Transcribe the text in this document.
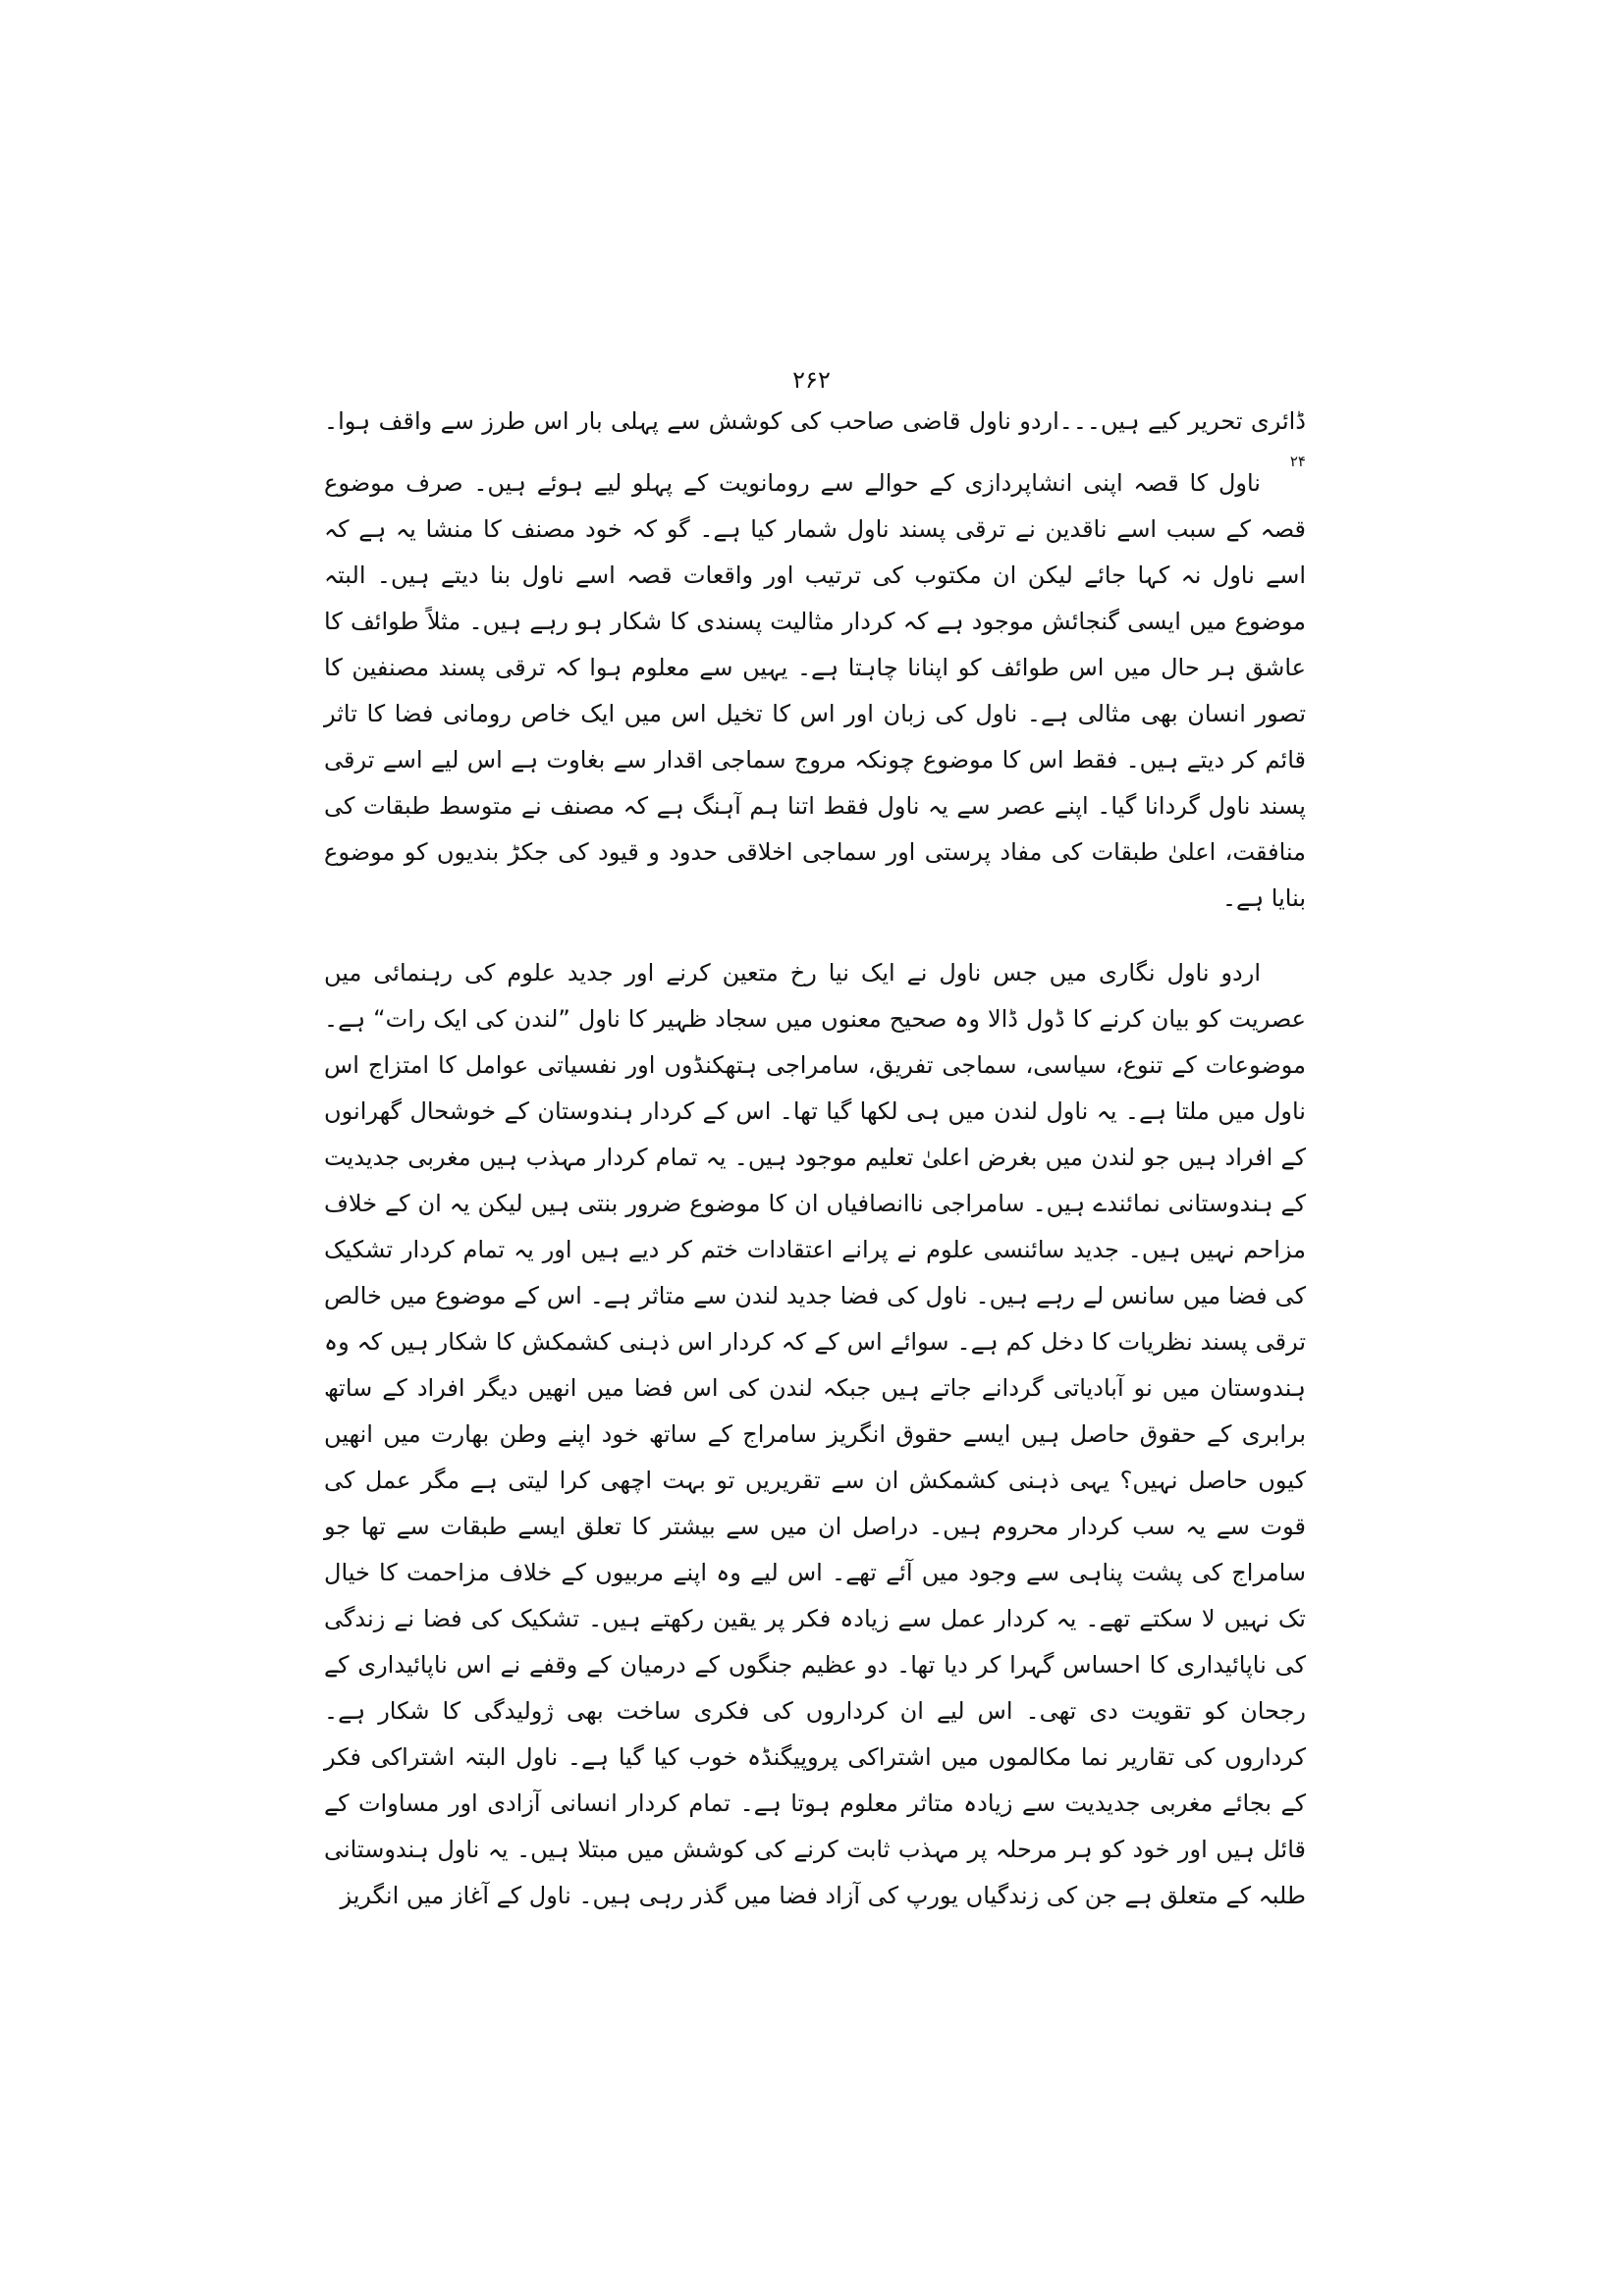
۲۶۲

ڈائری تحریر کیے ہیں۔۔۔اردو ناول قاضی صاحب کی کوشش سے پہلی بار اس طرز سے واقف ہوا۔$^{۲۴}$

ناول کا قصہ اپنی انشاپردازی کے حوالے سے رومانویت کے پہلو لیے ہوئے ہیں۔ صرف موضوع قصہ کے سبب اسے ناقدین نے ترقی پسند ناول شمار کیا ہے۔ گو کہ خود مصنف کا منشا یہ ہے کہ اسے ناول نہ کہا جائے لیکن ان مکتوب کی ترتیب اور واقعات قصہ اسے ناول بنا دیتے ہیں۔ البتہ موضوع میں ایسی گنجائش موجود ہے کہ کردار مثالیت پسندی کا شکار ہو رہے ہیں۔ مثلاً طوائف کا عاشق ہر حال میں اس طوائف کو اپنانا چاہتا ہے۔ یہیں سے معلوم ہوا کہ ترقی پسند مصنفین کا تصور انسان بھی مثالی ہے۔ ناول کی زبان اور اس کا تخیل اس میں ایک خاص رومانی فضا کا تاثر قائم کر دیتے ہیں۔ فقط اس کا موضوع چونکہ مروج سماجی اقدار سے بغاوت ہے اس لیے اسے ترقی پسند ناول گردانا گیا۔ اپنے عصر سے یہ ناول فقط اتنا ہم آہنگ ہے کہ مصنف نے متوسط طبقات کی منافقت، اعلیٰ طبقات کی مفاد پرستی اور سماجی اخلاقی حدود و قیود کی جکڑ بندیوں کو موضوع بنایا ہے۔

اردو ناول نگاری میں جس ناول نے ایک نیا رخ متعین کرنے اور جدید علوم کی رہنمائی میں عصریت کو بیان کرنے کا ڈول ڈالا وہ صحیح معنوں میں سجاد ظہیر کا ناول ”لندن کی ایک رات“ ہے۔ موضوعات کے تنوع، سیاسی، سماجی تفریق، سامراجی ہتھکنڈوں اور نفسیاتی عوامل کا امتزاج اس ناول میں ملتا ہے۔ یہ ناول لندن میں ہی لکھا گیا تھا۔ اس کے کردار ہندوستان کے خوشحال گھرانوں کے افراد ہیں جو لندن میں بغرض اعلیٰ تعلیم موجود ہیں۔ یہ تمام کردار مہذب ہیں مغربی جدیدیت کے ہندوستانی نمائندے ہیں۔ سامراجی ناانصافیاں ان کا موضوع ضرور بنتی ہیں لیکن یہ ان کے خلاف مزاحم نہیں ہیں۔ جدید سائنسی علوم نے پرانے اعتقادات ختم کر دیے ہیں اور یہ تمام کردار تشکیک کی فضا میں سانس لے رہے ہیں۔ ناول کی فضا جدید لندن سے متاثر ہے۔ اس کے موضوع میں خالص ترقی پسند نظریات کا دخل کم ہے۔ سوائے اس کے کہ کردار اس ذہنی کشمکش کا شکار ہیں کہ وہ ہندوستان میں نو آبادیاتی گردانے جاتے ہیں جبکہ لندن کی اس فضا میں انھیں دیگر افراد کے ساتھ برابری کے حقوق حاصل ہیں ایسے حقوق انگریز سامراج کے ساتھ خود اپنے وطن بھارت میں انھیں کیوں حاصل نہیں؟ یہی ذہنی کشمکش ان سے تقریریں تو بہت اچھی کرا لیتی ہے مگر عمل کی قوت سے یہ سب کردار محروم ہیں۔ دراصل ان میں سے بیشتر کا تعلق ایسے طبقات سے تھا جو سامراج کی پشت پناہی سے وجود میں آئے تھے۔ اس لیے وہ اپنے مربیوں کے خلاف مزاحمت کا خیال تک نہیں لا سکتے تھے۔ یہ کردار عمل سے زیادہ فکر پر یقین رکھتے ہیں۔ تشکیک کی فضا نے زندگی کی ناپائیداری کا احساس گہرا کر دیا تھا۔ دو عظیم جنگوں کے درمیان کے وقفے نے اس ناپائیداری کے رجحان کو تقویت دی تھی۔ اس لیے ان کرداروں کی فکری ساخت بھی ژولیدگی کا شکار ہے۔ کرداروں کی تقاریر نما مکالموں میں اشتراکی پروپیگنڈہ خوب کیا گیا ہے۔ ناول البتہ اشتراکی فکر کے بجائے مغربی جدیدیت سے زیادہ متاثر معلوم ہوتا ہے۔ تمام کردار انسانی آزادی اور مساوات کے قائل ہیں اور خود کو ہر مرحلہ پر مہذب ثابت کرنے کی کوشش میں مبتلا ہیں۔ یہ ناول ہندوستانی طلبہ کے متعلق ہے جن کی زندگیاں یورپ کی آزاد فضا میں گذر رہی ہیں۔ ناول کے آغاز میں انگریز
